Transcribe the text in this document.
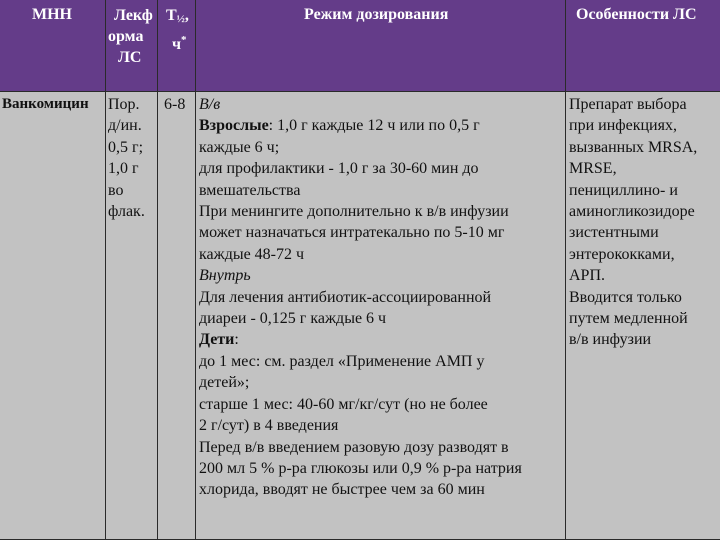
МНН	Лекф
орма
ЛС
T½,
ч*
Режим дозирования	Особенности ЛС
Ванкомицин Пор.
д/ин.
0,5 г;
1,0 г
во
флак.
6-8 В/в
Взрослые: 1,0 г каждые 12 ч или по 0,5 г
каждые 6 ч;
для профилактики - 1,0 г за 30-60 мин до
вмешательства
При менингите дополнительно к в/в инфузии
может назначаться интратекально по 5-10 мг
каждые 48-72 ч
Внутрь
Для лечения антибиотик-ассоциированной
диареи - 0,125 г каждые 6 ч
Дети:
до 1 мес: см. раздел «Применение АМП у
детей»;
старше 1 мес: 40-60 мг/кг/сут (но не более
2 г/сут) в 4 введения
Перед в/в введением разовую дозу разводят в
200 мл 5 % р-ра глюкозы или 0,9 % р-ра натрия
хлорида, вводят не быстрее чем за 60 мин
Препарат выбора
при инфекциях,
вызванных MRSA,
MRSE,
пенициллино- и
аминогликозидоре
зистентными
энтерококками,
АРП.
Вводится только
путем медленной
в/в инфузии
